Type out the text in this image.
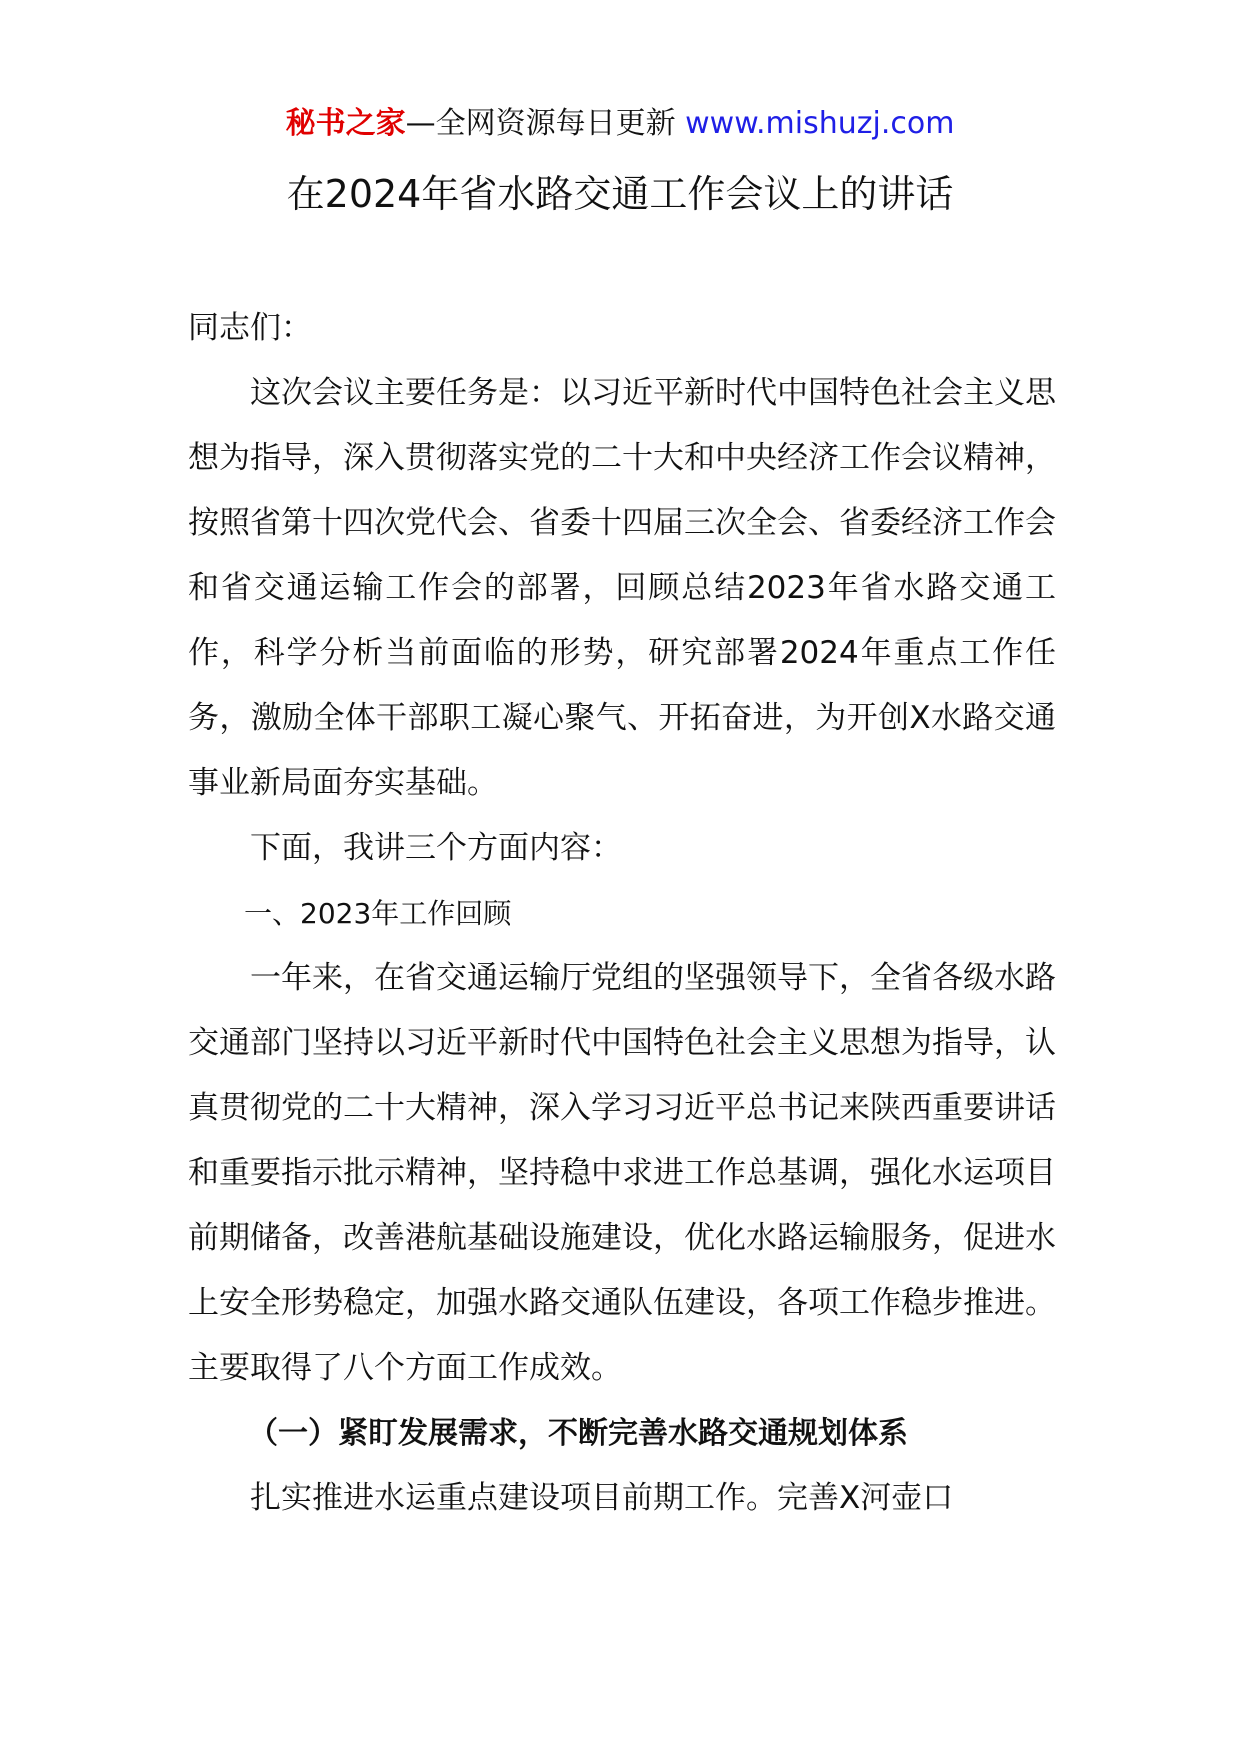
秘书之家—全网资源每日更新 www.mishuzj.com
在2024年省水路交通工作会议上的讲话

同志们：

这次会议主要任务是：以习近平新时代中国特色社会主义思想为指导，深入贯彻落实党的二十大和中央经济工作会议精神，按照省第十四次党代会、省委十四届三次全会、省委经济工作会和省交通运输工作会的部署，回顾总结2023年省水路交通工作，科学分析当前面临的形势，研究部署2024年重点工作任务，激励全体干部职工凝心聚气、开拓奋进，为开创X水路交通事业新局面夯实基础。

下面，我讲三个方面内容：

一、2023年工作回顾

一年来，在省交通运输厅党组的坚强领导下，全省各级水路交通部门坚持以习近平新时代中国特色社会主义思想为指导，认真贯彻党的二十大精神，深入学习习近平总书记来陕西重要讲话和重要指示批示精神，坚持稳中求进工作总基调，强化水运项目前期储备，改善港航基础设施建设，优化水路运输服务，促进水上安全形势稳定，加强水路交通队伍建设，各项工作稳步推进。主要取得了八个方面工作成效。

（一）紧盯发展需求，不断完善水路交通规划体系

扎实推进水运重点建设项目前期工作。完善X河壶口
